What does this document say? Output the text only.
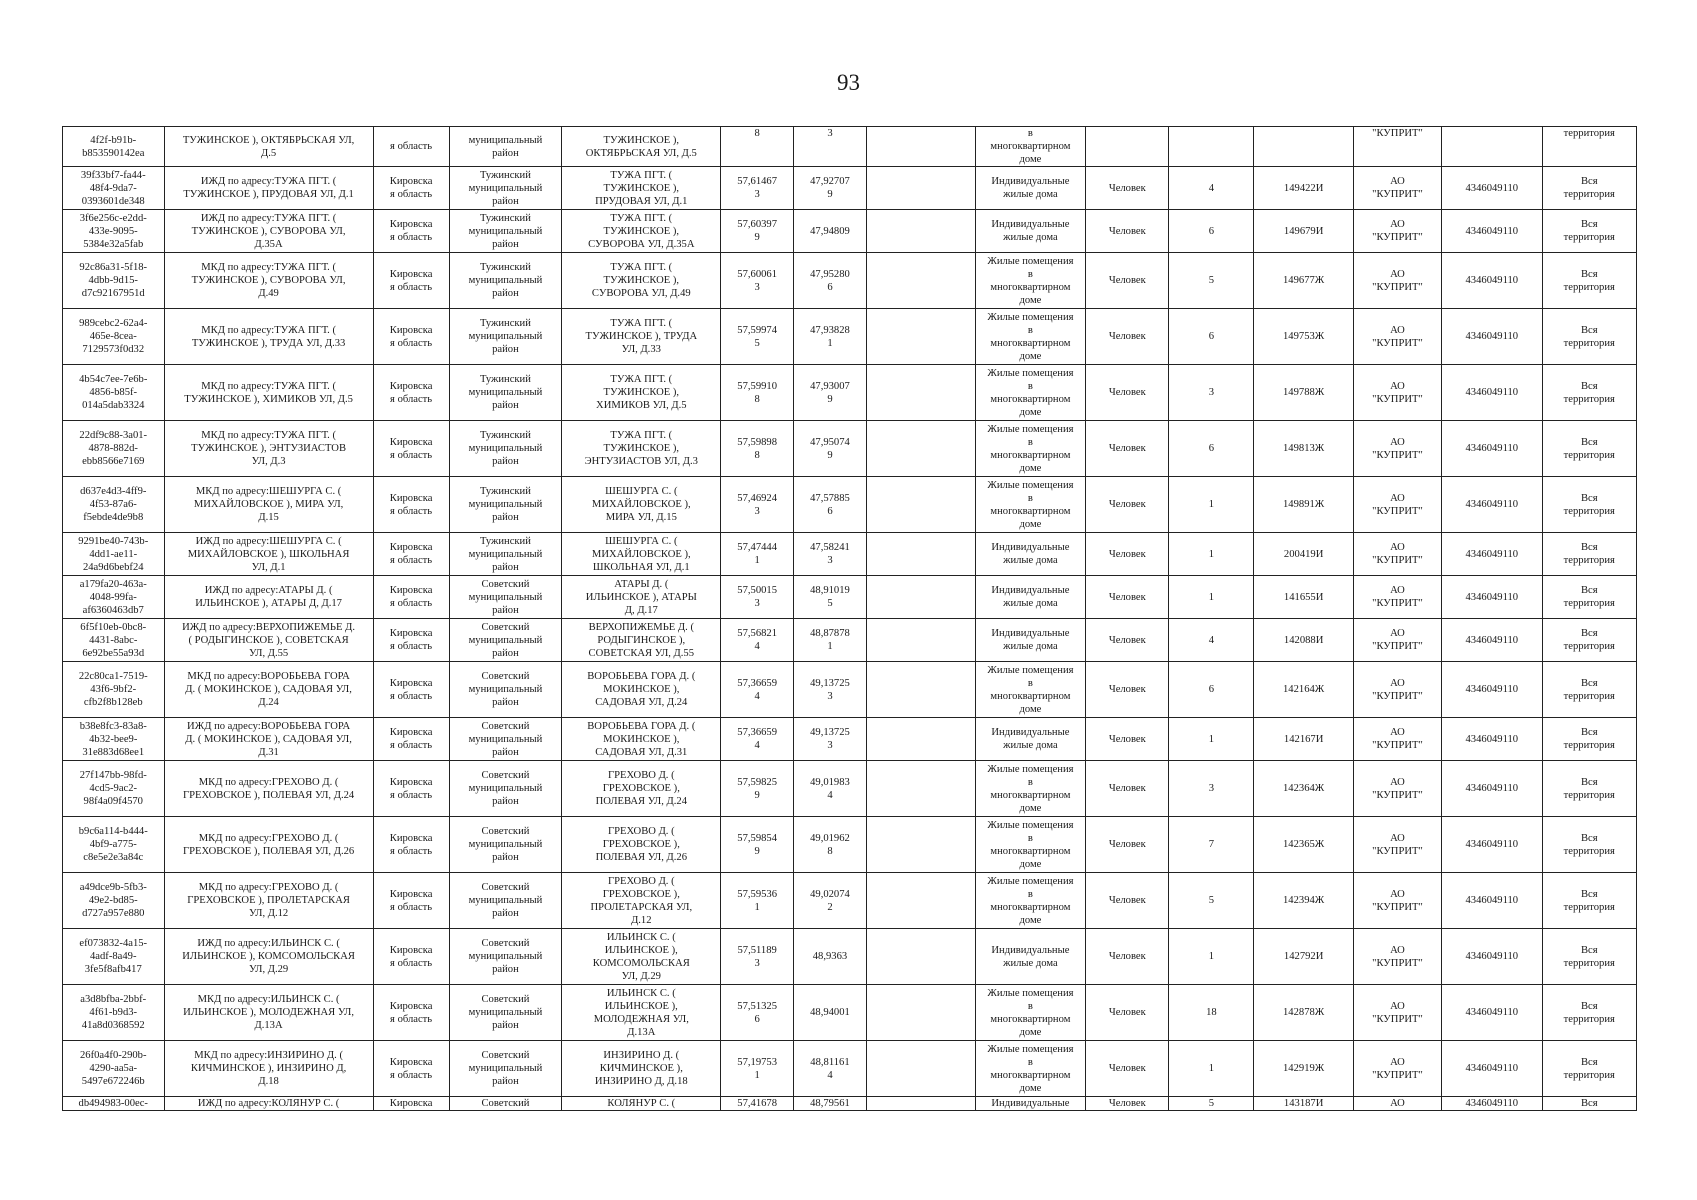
93
4f2f-b91b-
b853590142ea	ТУЖИНСКОЕ ), ОКТЯБРЬСКАЯ УЛ,
Д.5	я область	муниципальный
район	ТУЖИНСКОЕ ),
ОКТЯБРЬСКАЯ УЛ, Д.5	8	3		в
многоквартирном
доме				"КУПРИТ"		территория
39f33bf7-fa44-
48f4-9da7-
0393601de348	ИЖД по адресу:ТУЖА ПГТ. (
ТУЖИНСКОЕ ), ПРУДОВАЯ УЛ, Д.1	Кировска
я область	Тужинский
муниципальный
район	ТУЖА ПГТ. (
ТУЖИНСКОЕ ),
ПРУДОВАЯ УЛ, Д.1	57,61467
3	47,92707
9		Индивидуальные
жилые дома	Человек	4	149422И	АО
"КУПРИТ"	4346049110	Вся
территория
3f6e256c-e2dd-
433e-9095-
5384e32a5fab	ИЖД по адресу:ТУЖА ПГТ. (
ТУЖИНСКОЕ ), СУВОРОВА УЛ,
Д.35А	Кировска
я область	Тужинский
муниципальный
район	ТУЖА ПГТ. (
ТУЖИНСКОЕ ),
СУВОРОВА УЛ, Д.35А	57,60397
9	47,94809		Индивидуальные
жилые дома	Человек	6	149679И	АО
"КУПРИТ"	4346049110	Вся
территория
92c86a31-5f18-
4dbb-9d15-
d7c92167951d	МКД по адресу:ТУЖА ПГТ. (
ТУЖИНСКОЕ ), СУВОРОВА УЛ,
Д.49	Кировска
я область	Тужинский
муниципальный
район	ТУЖА ПГТ. (
ТУЖИНСКОЕ ),
СУВОРОВА УЛ, Д.49	57,60061
3	47,95280
6		Жилые помещения
в
многоквартирном
доме	Человек	5	149677Ж	АО
"КУПРИТ"	4346049110	Вся
территория
989cebc2-62a4-
465e-8cea-
7129573f0d32	МКД по адресу:ТУЖА ПГТ. (
ТУЖИНСКОЕ ), ТРУДА УЛ, Д.33	Кировска
я область	Тужинский
муниципальный
район	ТУЖА ПГТ. (
ТУЖИНСКОЕ ), ТРУДА
УЛ, Д.33	57,59974
5	47,93828
1		Жилые помещения
в
многоквартирном
доме	Человек	6	149753Ж	АО
"КУПРИТ"	4346049110	Вся
территория
4b54c7ee-7e6b-
4856-b85f-
014a5dab3324	МКД по адресу:ТУЖА ПГТ. (
ТУЖИНСКОЕ ), ХИМИКОВ УЛ, Д.5	Кировска
я область	Тужинский
муниципальный
район	ТУЖА ПГТ. (
ТУЖИНСКОЕ ),
ХИМИКОВ УЛ, Д.5	57,59910
8	47,93007
9		Жилые помещения
в
многоквартирном
доме	Человек	3	149788Ж	АО
"КУПРИТ"	4346049110	Вся
территория
22df9c88-3a01-
4878-882d-
ebb8566e7169	МКД по адресу:ТУЖА ПГТ. (
ТУЖИНСКОЕ ), ЭНТУЗИАСТОВ
УЛ, Д.3	Кировска
я область	Тужинский
муниципальный
район	ТУЖА ПГТ. (
ТУЖИНСКОЕ ),
ЭНТУЗИАСТОВ УЛ, Д.3	57,59898
8	47,95074
9		Жилые помещения
в
многоквартирном
доме	Человек	6	149813Ж	АО
"КУПРИТ"	4346049110	Вся
территория
d637e4d3-4ff9-
4f53-87a6-
f5ebde4de9b8	МКД по адресу:ШЕШУРГА С. (
МИХАЙЛОВСКОЕ ), МИРА УЛ,
Д.15	Кировска
я область	Тужинский
муниципальный
район	ШЕШУРГА С. (
МИХАЙЛОВСКОЕ ),
МИРА УЛ, Д.15	57,46924
3	47,57885
6		Жилые помещения
в
многоквартирном
доме	Человек	1	149891Ж	АО
"КУПРИТ"	4346049110	Вся
территория
9291be40-743b-
4dd1-ae11-
24a9d6bebf24	ИЖД по адресу:ШЕШУРГА С. (
МИХАЙЛОВСКОЕ ), ШКОЛЬНАЯ
УЛ, Д.1	Кировска
я область	Тужинский
муниципальный
район	ШЕШУРГА С. (
МИХАЙЛОВСКОЕ ),
ШКОЛЬНАЯ УЛ, Д.1	57,47444
1	47,58241
3		Индивидуальные
жилые дома	Человек	1	200419И	АО
"КУПРИТ"	4346049110	Вся
территория
a179fa20-463a-
4048-99fa-
af6360463db7	ИЖД по адресу:АТАРЫ Д. (
ИЛЬИНСКОЕ ), АТАРЫ Д, Д.17	Кировска
я область	Советский
муниципальный
район	АТАРЫ Д. (
ИЛЬИНСКОЕ ), АТАРЫ
Д, Д.17	57,50015
3	48,91019
5		Индивидуальные
жилые дома	Человек	1	141655И	АО
"КУПРИТ"	4346049110	Вся
территория
6f5f10eb-0bc8-
4431-8abc-
6e92be55a93d	ИЖД по адресу:ВЕРХОПИЖЕМЬЕ Д.
( РОДЫГИНСКОЕ ), СОВЕТСКАЯ
УЛ, Д.55	Кировска
я область	Советский
муниципальный
район	ВЕРХОПИЖЕМЬЕ Д. (
РОДЫГИНСКОЕ ),
СОВЕТСКАЯ УЛ, Д.55	57,56821
4	48,87878
1		Индивидуальные
жилые дома	Человек	4	142088И	АО
"КУПРИТ"	4346049110	Вся
территория
22c80ca1-7519-
43f6-9bf2-
cfb2f8b128eb	МКД по адресу:ВОРОБЬЕВА ГОРА
Д. ( МОКИНСКОЕ ), САДОВАЯ УЛ,
Д.24	Кировска
я область	Советский
муниципальный
район	ВОРОБЬЕВА ГОРА Д. (
МОКИНСКОЕ ),
САДОВАЯ УЛ, Д.24	57,36659
4	49,13725
3		Жилые помещения
в
многоквартирном
доме	Человек	6	142164Ж	АО
"КУПРИТ"	4346049110	Вся
территория
b38e8fc3-83a8-
4b32-bee9-
31e883d68ee1	ИЖД по адресу:ВОРОБЬЕВА ГОРА
Д. ( МОКИНСКОЕ ), САДОВАЯ УЛ,
Д.31	Кировска
я область	Советский
муниципальный
район	ВОРОБЬЕВА ГОРА Д. (
МОКИНСКОЕ ),
САДОВАЯ УЛ, Д.31	57,36659
4	49,13725
3		Индивидуальные
жилые дома	Человек	1	142167И	АО
"КУПРИТ"	4346049110	Вся
территория
27f147bb-98fd-
4cd5-9ac2-
98f4a09f4570	МКД по адресу:ГРЕХОВО Д. (
ГРЕХОВСКОЕ ), ПОЛЕВАЯ УЛ, Д.24	Кировска
я область	Советский
муниципальный
район	ГРЕХОВО Д. (
ГРЕХОВСКОЕ ),
ПОЛЕВАЯ УЛ, Д.24	57,59825
9	49,01983
4		Жилые помещения
в
многоквартирном
доме	Человек	3	142364Ж	АО
"КУПРИТ"	4346049110	Вся
территория
b9c6a114-b444-
4bf9-a775-
c8e5e2e3a84c	МКД по адресу:ГРЕХОВО Д. (
ГРЕХОВСКОЕ ), ПОЛЕВАЯ УЛ, Д.26	Кировска
я область	Советский
муниципальный
район	ГРЕХОВО Д. (
ГРЕХОВСКОЕ ),
ПОЛЕВАЯ УЛ, Д.26	57,59854
9	49,01962
8		Жилые помещения
в
многоквартирном
доме	Человек	7	142365Ж	АО
"КУПРИТ"	4346049110	Вся
территория
a49dce9b-5fb3-
49e2-bd85-
d727a957e880	МКД по адресу:ГРЕХОВО Д. (
ГРЕХОВСКОЕ ), ПРОЛЕТАРСКАЯ
УЛ, Д.12	Кировска
я область	Советский
муниципальный
район	ГРЕХОВО Д. (
ГРЕХОВСКОЕ ),
ПРОЛЕТАРСКАЯ УЛ,
Д.12	57,59536
1	49,02074
2		Жилые помещения
в
многоквартирном
доме	Человек	5	142394Ж	АО
"КУПРИТ"	4346049110	Вся
территория
ef073832-4a15-
4adf-8a49-
3fe5f8afb417	ИЖД по адресу:ИЛЬИНСК С. (
ИЛЬИНСКОЕ ), КОМСОМОЛЬСКАЯ
УЛ, Д.29	Кировска
я область	Советский
муниципальный
район	ИЛЬИНСК С. (
ИЛЬИНСКОЕ ),
КОМСОМОЛЬСКАЯ
УЛ, Д.29	57,51189
3	48,9363		Индивидуальные
жилые дома	Человек	1	142792И	АО
"КУПРИТ"	4346049110	Вся
территория
a3d8bfba-2bbf-
4f61-b9d3-
41a8d0368592	МКД по адресу:ИЛЬИНСК С. (
ИЛЬИНСКОЕ ), МОЛОДЕЖНАЯ УЛ,
Д.13А	Кировска
я область	Советский
муниципальный
район	ИЛЬИНСК С. (
ИЛЬИНСКОЕ ),
МОЛОДЕЖНАЯ УЛ,
Д.13А	57,51325
6	48,94001		Жилые помещения
в
многоквартирном
доме	Человек	18	142878Ж	АО
"КУПРИТ"	4346049110	Вся
территория
26f0a4f0-290b-
4290-aa5a-
5497e672246b	МКД по адресу:ИНЗИРИНО Д. (
КИЧМИНСКОЕ ), ИНЗИРИНО Д,
Д.18	Кировска
я область	Советский
муниципальный
район	ИНЗИРИНО Д. (
КИЧМИНСКОЕ ),
ИНЗИРИНО Д, Д.18	57,19753
1	48,81161
4		Жилые помещения
в
многоквартирном
доме	Человек	1	142919Ж	АО
"КУПРИТ"	4346049110	Вся
территория

db494983-00ec-	ИЖД по адресу:КОЛЯНУР С. (	Кировска	Советский	КОЛЯНУР С. (	57,41678	48,79561		Индивидуальные	Человек	5	143187И	АО	4346049110	Вся
